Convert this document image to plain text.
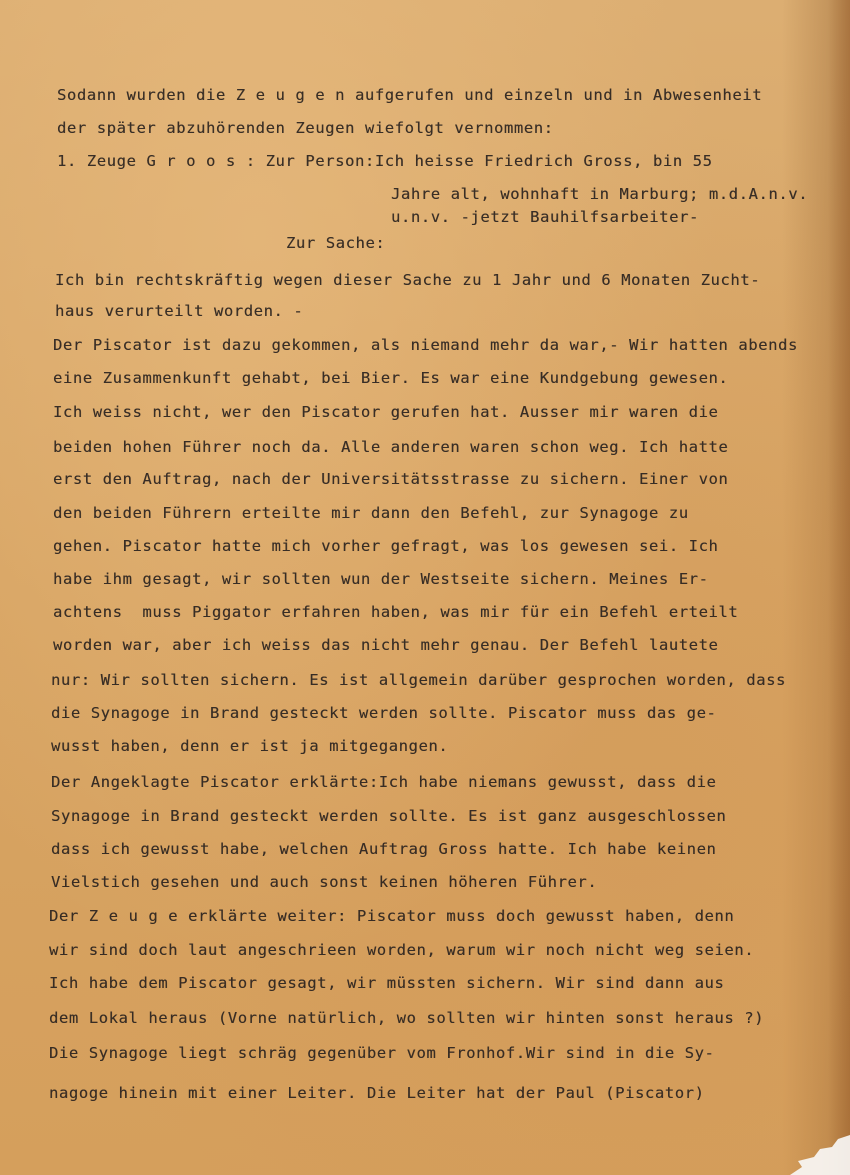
Sodann wurden die Z e u g e n aufgerufen und einzeln und in Abwesenheit
der später abzuhörenden Zeugen wiefolgt vernommen:
1. Zeuge G r o o s : Zur Person:Ich heisse Friedrich Gross, bin 55
Jahre alt, wohnhaft in Marburg; m.d.A.n.v.
u.n.v. -jetzt Bauhilfsarbeiter-
Zur Sache:
Ich bin rechtskräftig wegen dieser Sache zu 1 Jahr und 6 Monaten Zucht-
haus verurteilt worden. -
Der Piscator ist dazu gekommen, als niemand mehr da war,- Wir hatten abends
eine Zusammenkunft gehabt, bei Bier. Es war eine Kundgebung gewesen.
Ich weiss nicht, wer den Piscator gerufen hat. Ausser mir waren die
beiden hohen Führer noch da. Alle anderen waren schon weg. Ich hatte
erst den Auftrag, nach der Universitätsstrasse zu sichern. Einer von
den beiden Führern erteilte mir dann den Befehl, zur Synagoge zu
gehen. Piscator hatte mich vorher gefragt, was los gewesen sei. Ich
habe ihm gesagt, wir sollten wun der Westseite sichern. Meines Er-
achtens  muss Piggator erfahren haben, was mir für ein Befehl erteilt
worden war, aber ich weiss das nicht mehr genau. Der Befehl lautete
nur: Wir sollten sichern. Es ist allgemein darüber gesprochen worden, dass
die Synagoge in Brand gesteckt werden sollte. Piscator muss das ge-
wusst haben, denn er ist ja mitgegangen.
Der Angeklagte Piscator erklärte:Ich habe niemans gewusst, dass die
Synagoge in Brand gesteckt werden sollte. Es ist ganz ausgeschlossen
dass ich gewusst habe, welchen Auftrag Gross hatte. Ich habe keinen
Vielstich gesehen und auch sonst keinen höheren Führer.
Der Z e u g e erklärte weiter: Piscator muss doch gewusst haben, denn
wir sind doch laut angeschrieen worden, warum wir noch nicht weg seien.
Ich habe dem Piscator gesagt, wir müssten sichern. Wir sind dann aus
dem Lokal heraus (Vorne natürlich, wo sollten wir hinten sonst heraus ?)
Die Synagoge liegt schräg gegenüber vom Fronhof.Wir sind in die Sy-
nagoge hinein mit einer Leiter. Die Leiter hat der Paul (Piscator)
